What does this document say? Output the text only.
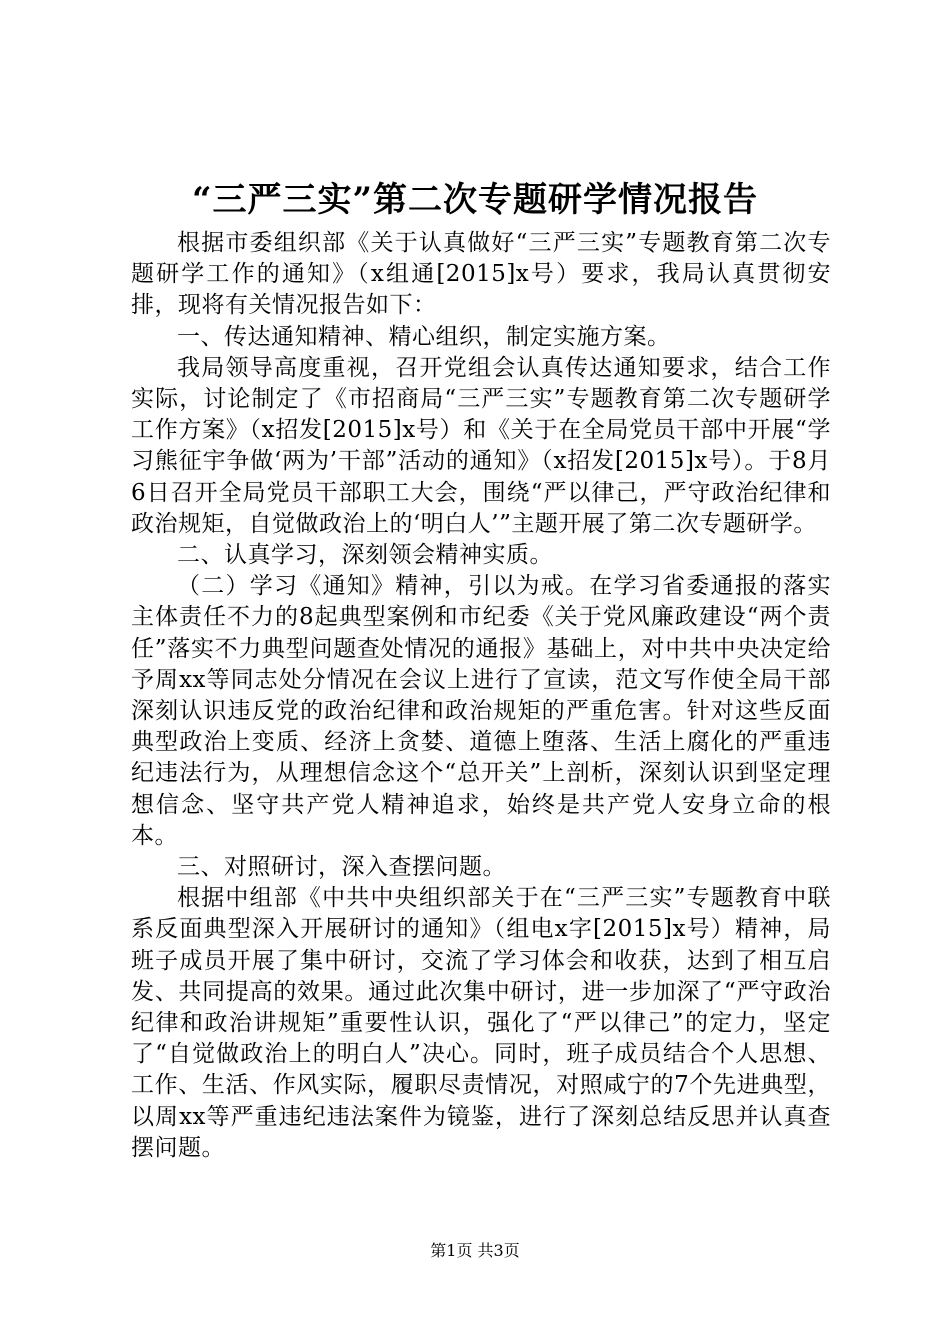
“三严三实”第二次专题研学情况报告

根据市委组织部《关于认真做好“三严三实”专题教育第二次专题研学工作的通知》（x组通[2015]x号）要求，我局认真贯彻安排，现将有关情况报告如下：

一、传达通知精神、精心组织，制定实施方案。

我局领导高度重视，召开党组会认真传达通知要求，结合工作实际，讨论制定了《市招商局“三严三实”专题教育第二次专题研学工作方案》（x招发[2015]x号）和《关于在全局党员干部中开展“学习熊征宇争做‘两为’干部”活动的通知》（x招发[2015]x号）。于8月6日召开全局党员干部职工大会，围绕“严以律己，严守政治纪律和政治规矩，自觉做政治上的‘明白人’”主题开展了第二次专题研学。

二、认真学习，深刻领会精神实质。

（二）学习《通知》精神，引以为戒。在学习省委通报的落实主体责任不力的8起典型案例和市纪委《关于党风廉政建设“两个责任”落实不力典型问题查处情况的通报》基础上，对中共中央决定给予周xx等同志处分情况在会议上进行了宣读，范文写作使全局干部深刻认识违反党的政治纪律和政治规矩的严重危害。针对这些反面典型政治上变质、经济上贪婪、道德上堕落、生活上腐化的严重违纪违法行为，从理想信念这个“总开关”上剖析，深刻认识到坚定理想信念、坚守共产党人精神追求，始终是共产党人安身立命的根本。

三、对照研讨，深入查摆问题。

根据中组部《中共中央组织部关于在“三严三实”专题教育中联系反面典型深入开展研讨的通知》（组电x字[2015]x号）精神，局班子成员开展了集中研讨，交流了学习体会和收获，达到了相互启发、共同提高的效果。通过此次集中研讨，进一步加深了“严守政治纪律和政治讲规矩”重要性认识，强化了“严以律己”的定力，坚定了“自觉做政治上的明白人”决心。同时，班子成员结合个人思想、工作、生活、作风实际，履职尽责情况，对照咸宁的7个先进典型，以周xx等严重违纪违法案件为镜鉴，进行了深刻总结反思并认真查摆问题。

第1页 共3页
